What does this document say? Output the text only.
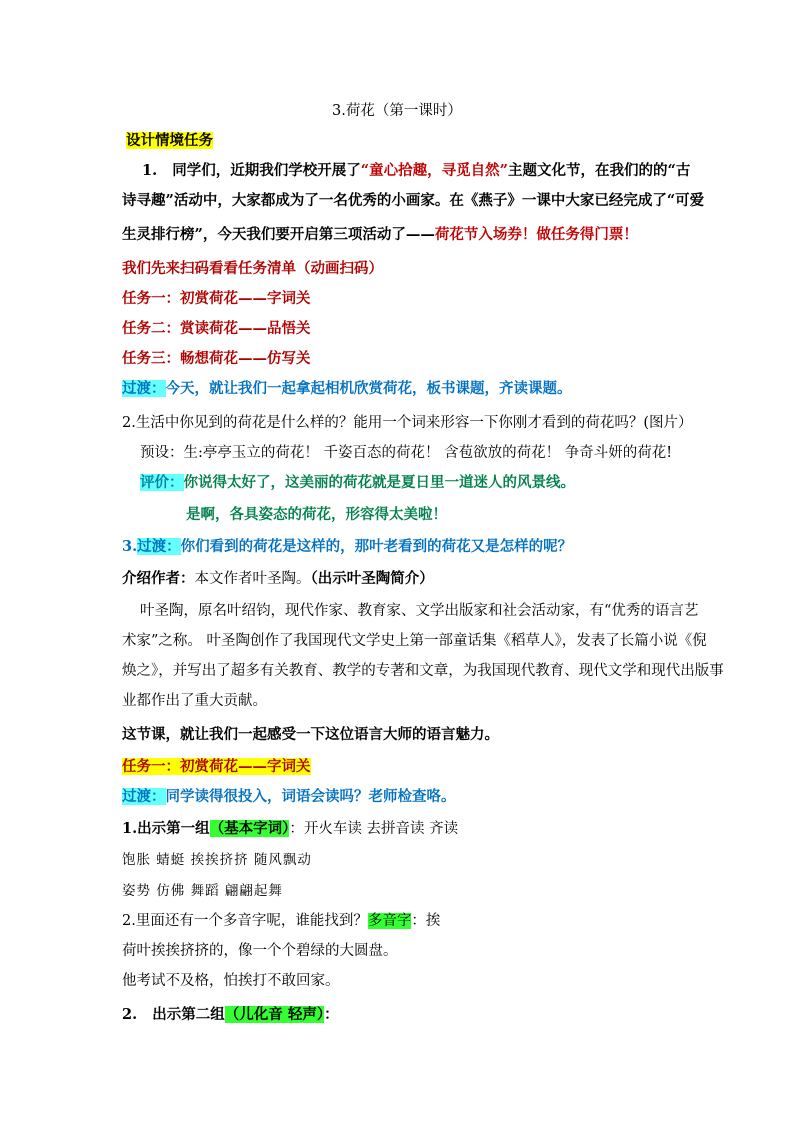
3.荷花（第一课时）
设计情境任务
1. 同学们，近期我们学校开展了“童心拾趣，寻觅自然”主题文化节，在我们的的“古
诗寻趣”活动中，大家都成为了一名优秀的小画家。在《燕子》一课中大家已经完成了“可爱
生灵排行榜”，今天我们要开启第三项活动了——荷花节入场券！做任务得门票！
我们先来扫码看看任务清单（动画扫码）
任务一：初赏荷花——字词关
任务二：赏读荷花——品悟关
任务三：畅想荷花——仿写关
过渡：今天，就让我们一起拿起相机欣赏荷花，板书课题，齐读课题。
2.生活中你见到的荷花是什么样的？能用一个词来形容一下你刚才看到的荷花吗？(图片）
预设：生:亭亭玉立的荷花！ 千姿百态的荷花！ 含苞欲放的荷花！ 争奇斗妍的荷花!
评价：你说得太好了，这美丽的荷花就是夏日里一道迷人的风景线。
是啊，各具姿态的荷花，形容得太美啦！
3.过渡：你们看到的荷花是这样的，那叶老看到的荷花又是怎样的呢？
介绍作者：本文作者叶圣陶。（出示叶圣陶简介）
叶圣陶，原名叶绍钧，现代作家、教育家、文学出版家和社会活动家，有“优秀的语言艺
术家”之称。 叶圣陶创作了我国现代文学史上第一部童话集《稻草人》，发表了长篇小说《倪
焕之》，并写出了超多有关教育、教学的专著和文章，为我国现代教育、现代文学和现代出版事
业都作出了重大贡献。
这节课，就让我们一起感受一下这位语言大师的语言魅力。
任务一：初赏荷花——字词关
过渡：同学读得很投入，词语会读吗？老师检查咯。
1.出示第一组（基本字词）：开火车读 去拼音读 齐读
饱胀 蜻蜓 挨挨挤挤 随风飘动
姿势 仿佛 舞蹈 翩翩起舞
2.里面还有一个多音字呢，谁能找到？多音字：挨
荷叶挨挨挤挤的，像一个个碧绿的大圆盘。
他考试不及格，怕挨打不敢回家。
2. 出示第二组（儿化音 轻声）：
